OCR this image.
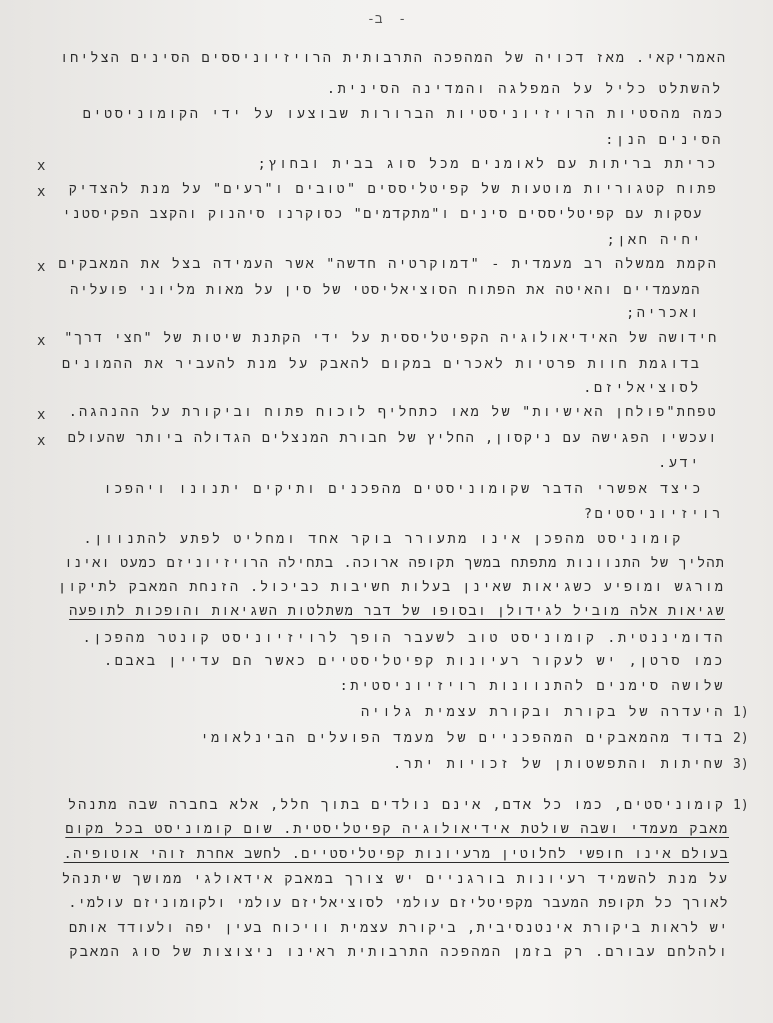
-‏ ב -
האמריקאי. מאז דכויה של המהפכה התרבותית הרויזיוניססים הסינים הצליחו
להשתלט כליל על המפלגה והמדינה הסינית.
כמה מהסטיות הרויזיוניסטיות הברורות שבוצעו על ידי הקומוניסטים
הסינים הנן:
x	כריתת בריתות עם לאומנים מכל סוג בבית ובחוץ;
x פתוח קטגוריות מוטעות של קפיטליססים "טובים ו"רעים" על מנת להצדיק
עסקות עם קפיטליססים סינים ו"מתקדמים" כסוקרנו סיהנוק והקצב הפקיסטני
יחיה חאן;
x הקמת ממשלה רב מעמדית - "דמוקרטיה חדשה" אשר העמידה בצל את המאבקים
המעמדיים והאיטה את הפתוח הסוציאליסטי של סין על מאות מליוני פועליה
ואכריה;
x חידושה של האידיאולוגיה הקפיטליססית על ידי הקתנת שיטות של "חצי דרך"
בדוגמת חוות פרטיות לאכרים במקום להאבק על מנת להעביר את ההמונים
לסוציאליזם.
x טפחת"פולחן האישיות" של מאו כתחליף לוכוח פתוח וביקורת על ההנהגה.
x ועכשיו הפגישה עם ניקסון, החליץ של חבורת המנצלים הגדולה ביותר שהעולם
ידע.
כיצד אפשרי הדבר שקומוניסטים מהפכנים ותיקים יתנונו ויהפכו
רויזיוניסטים?
קומוניסט מהפכן אינו מתעורר בוקר אחד ומחליט לפתע להתנוון.
תהליך של התנוונות מתפתח במשך תקופה ארוכה. בתחילה הרויזיוניזם כמעט ואינו
מורגש ומופיע כשגיאות שאינן בעלות חשיבות כביכול. הזנחת המאבק לתיקון
שגיאות אלה מוביל לגידולן ובסופו של דבר משתלטות השגיאות והופכות לתופעה
הדומיננטית. קומוניסט טוב לשעבר הופך לרויזיוניסט קונטר מהפכן.
כמו סרטן, יש לעקור רעיונות קפיטליסטיים כאשר הם עדיין באבם.
שלושה סימנים להתנוונות רויזיוניסטית:
1)
היעדרה של בקורת ובקורת עצמית גלויה
2)
בדוד מהמאבקים המהפכניים של מעמד הפועלים הבינלאומי
3)
שחיתות והתפשטותן של זכויות יתר.
1)
קומוניסטים, כמו כל אדם, אינם נולדים בתוך חלל, אלא בחברה שבה מתנהל
מאבק מעמדי ושבה שולטת אידיאולוגיה קפיטליסטית. שום קומוניסט בכל מקום
בעולם אינו חופשי לחלוטין מרעיונות קפיטליסטיים. לחשב אחרת זוהי אוטופיה.
על מנת להשמיד רעיונות בורגניים יש צורך במאבק אידאולגי ממושך שיתנהל
לאורך כל תקופת המעבר מקפיטליזם עולמי לסוציאליזם עולמי ולקומוניזם עולמי.
יש לראות ביקורת אינטנסיבית, ביקורת עצמית וויכוח בעין יפה ולעודד אותם
ולהלחם עבורם. רק בזמן המהפכה התרבותית ראינו ניצוצות של סוג המאבק
